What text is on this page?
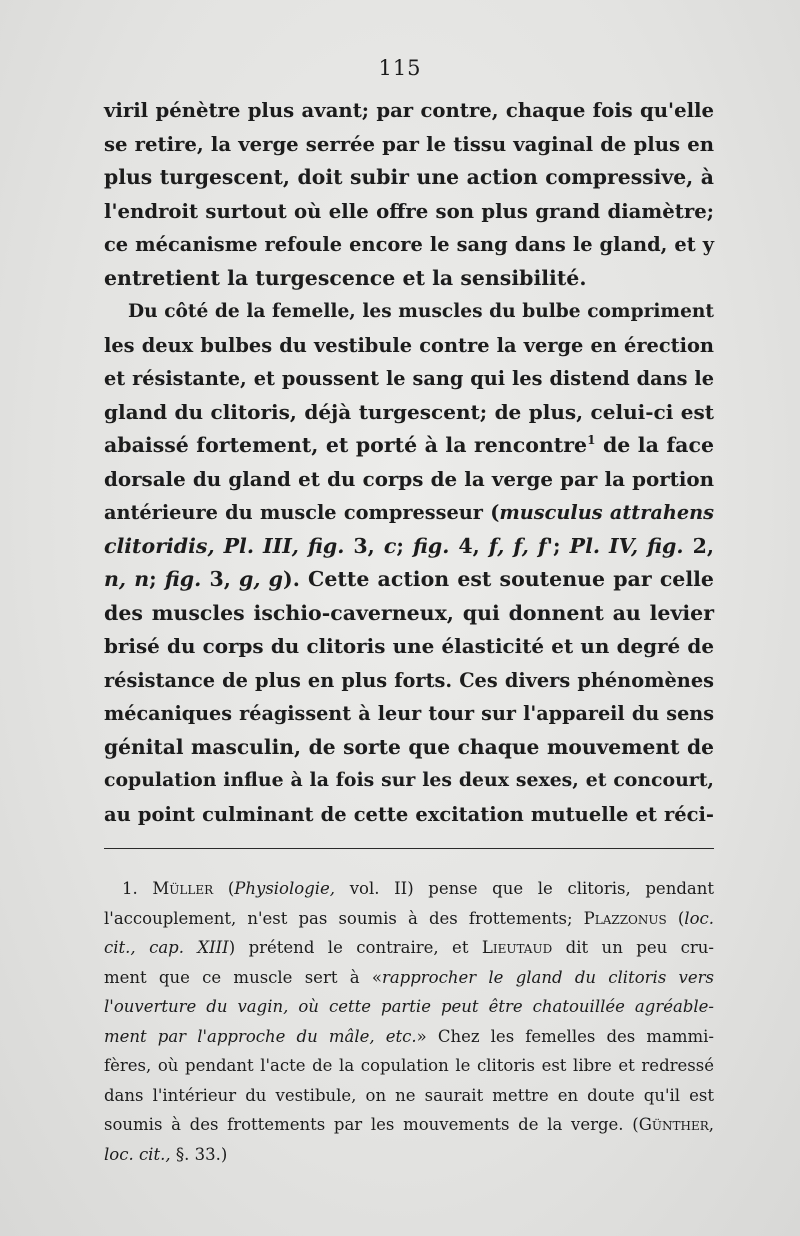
115
viril pénètre plus avant; par contre, chaque fois qu'elle
se retire, la verge serrée par le tissu vaginal de plus en
plus turgescent, doit subir une action compressive, à
l'endroit surtout où elle offre son plus grand diamètre;
ce mécanisme refoule encore le sang dans le gland, et y
entretient la turgescence et la sensibilité.
Du côté de la femelle, les muscles du bulbe compriment
les deux bulbes du vestibule contre la verge en érection
et résistante, et poussent le sang qui les distend dans le
gland du clitoris, déjà turgescent; de plus, celui-ci est
abaissé fortement, et porté à la rencontre$^1$ de la face
dorsale du gland et du corps de la verge par la portion
antérieure du muscle compresseur (musculus attrahens
clitoridis, Pl. III, fig. 3, c; fig. 4, f, f, f'; Pl. IV, fig. 2,
n, n; fig. 3, g, g). Cette action est soutenue par celle
des muscles ischio-caverneux, qui donnent au levier
brisé du corps du clitoris une élasticité et un degré de
résistance de plus en plus forts. Ces divers phénomènes
mécaniques réagissent à leur tour sur l'appareil du sens
génital masculin, de sorte que chaque mouvement de
copulation influe à la fois sur les deux sexes, et concourt,
au point culminant de cette excitation mutuelle et réci-
1. Müller (Physiologie, vol. II) pense que le clitoris, pendant
l'accouplement, n'est pas soumis à des frottements; Plazzonus (loc.
cit., cap. XIII) prétend le contraire, et Lieutaud dit un peu cru-
ment que ce muscle sert à «rapprocher le gland du clitoris vers
l'ouverture du vagin, où cette partie peut être chatouillée agréable-
ment par l'approche du mâle, etc.» Chez les femelles des mammi-
fères, où pendant l'acte de la copulation le clitoris est libre et redressé
dans l'intérieur du vestibule, on ne saurait mettre en doute qu'il est
soumis à des frottements par les mouvements de la verge. (Günther,
loc. cit., §. 33.)
